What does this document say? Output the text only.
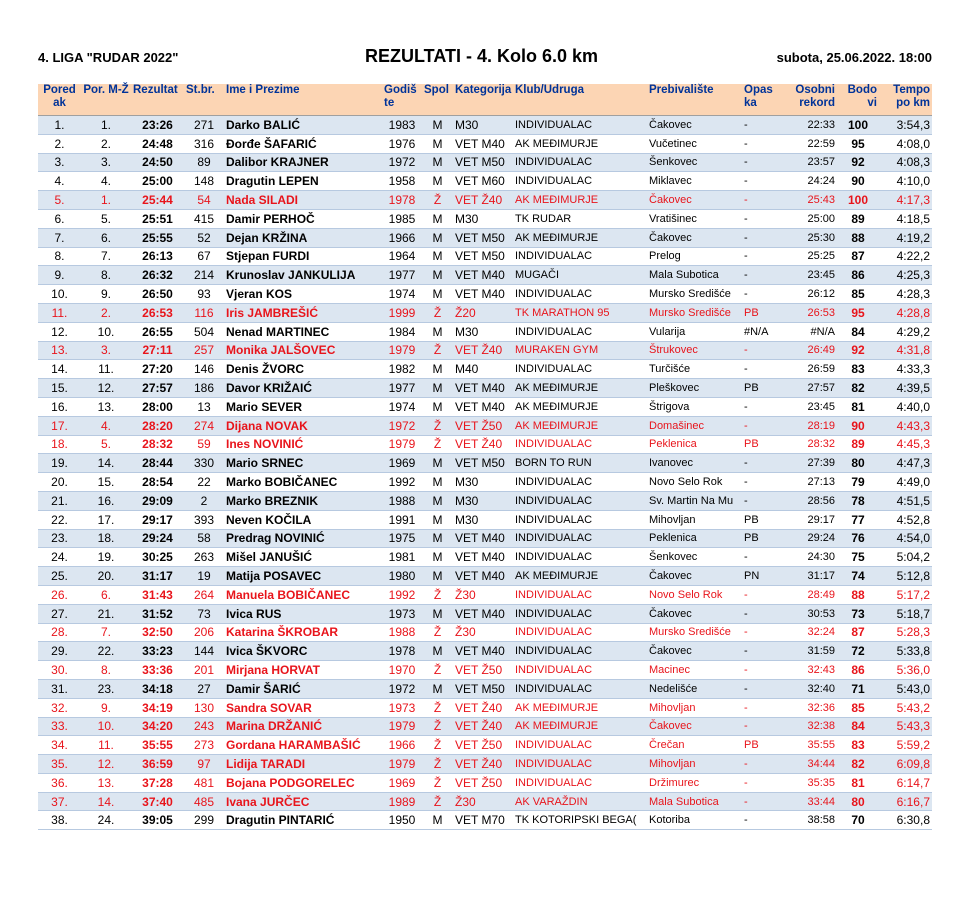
4. LIGA "RUDAR 2022"	REZULTATI - 4. Kolo 6.0 km	subota, 25.06.2022. 18:00
Pored ak	Por. M-Ž	Rezultat	St.br.	Ime i Prezime	Godiš te	Spol	Kategorija	Klub/Udruga	Prebivalište	Opas ka	Osobni rekord	Bodo vi	Tempo po km
1.	1.	23:26	271	Darko BALIĆ	1983	M	M30	INDIVIDUALAC	Čakovec	-	22:33	100	3:54,3
2.	2.	24:48	316	Đorđe ŠAFARIĆ	1976	M	VET M40	AK MEĐIMURJE	Vučetinec	-	22:59	95	4:08,0
3.	3.	24:50	89	Dalibor KRAJNER	1972	M	VET M50	INDIVIDUALAC	Šenkovec	-	23:57	92	4:08,3
4.	4.	25:00	148	Dragutin LEPEN	1958	M	VET M60	INDIVIDUALAC	Miklavec	-	24:24	90	4:10,0
5.	1.	25:44	54	Nada SILADI	1978	Ž	VET Ž40	AK MEĐIMURJE	Čakovec	-	25:43	100	4:17,3
6.	5.	25:51	415	Damir PERHOČ	1985	M	M30	TK RUDAR	Vratišinec	-	25:00	89	4:18,5
7.	6.	25:55	52	Dejan KRŽINA	1966	M	VET M50	AK MEĐIMURJE	Čakovec	-	25:30	88	4:19,2
8.	7.	26:13	67	Stjepan FURDI	1964	M	VET M50	INDIVIDUALAC	Prelog	-	25:25	87	4:22,2
9.	8.	26:32	214	Krunoslav JANKULIJA	1977	M	VET M40	MUGAČI	Mala Subotica	-	23:45	86	4:25,3
10.	9.	26:50	93	Vjeran KOS	1974	M	VET M40	INDIVIDUALAC	Mursko Središće	-	26:12	85	4:28,3
11.	2.	26:53	116	Iris JAMBREŠIĆ	1999	Ž	Ž20	TK MARATHON 95	Mursko Središće	PB	26:53	95	4:28,8
12.	10.	26:55	504	Nenad MARTINEC	1984	M	M30	INDIVIDUALAC	Vularija	#N/A	#N/A	84	4:29,2
13.	3.	27:11	257	Monika JALŠOVEC	1979	Ž	VET Ž40	MURAKEN GYM	Štrukovec	-	26:49	92	4:31,8
14.	11.	27:20	146	Denis ŽVORC	1982	M	M40	INDIVIDUALAC	Turčišće	-	26:59	83	4:33,3
15.	12.	27:57	186	Davor KRIŽAIĆ	1977	M	VET M40	AK MEĐIMURJE	Pleškovec	PB	27:57	82	4:39,5
16.	13.	28:00	13	Mario SEVER	1974	M	VET M40	AK MEĐIMURJE	Štrigova	-	23:45	81	4:40,0
17.	4.	28:20	274	Dijana NOVAK	1972	Ž	VET Ž50	AK MEĐIMURJE	Domašinec	-	28:19	90	4:43,3
18.	5.	28:32	59	Ines NOVINIĆ	1979	Ž	VET Ž40	INDIVIDUALAC	Peklenica	PB	28:32	89	4:45,3
19.	14.	28:44	330	Mario SRNEC	1969	M	VET M50	BORN TO RUN	Ivanovec	-	27:39	80	4:47,3
20.	15.	28:54	22	Marko BOBIČANEC	1992	M	M30	INDIVIDUALAC	Novo Selo Rok	-	27:13	79	4:49,0
21.	16.	29:09	2	Marko BREZNIK	1988	M	M30	INDIVIDUALAC	Sv. Martin Na Mu	-	28:56	78	4:51,5
22.	17.	29:17	393	Neven KOČILA	1991	M	M30	INDIVIDUALAC	Mihovljan	PB	29:17	77	4:52,8
23.	18.	29:24	58	Predrag NOVINIĆ	1975	M	VET M40	INDIVIDUALAC	Peklenica	PB	29:24	76	4:54,0
24.	19.	30:25	263	Mišel JANUŠIĆ	1981	M	VET M40	INDIVIDUALAC	Šenkovec	-	24:30	75	5:04,2
25.	20.	31:17	19	Matija POSAVEC	1980	M	VET M40	AK MEĐIMURJE	Čakovec	PN	31:17	74	5:12,8
26.	6.	31:43	264	Manuela BOBIČANEC	1992	Ž	Ž30	INDIVIDUALAC	Novo Selo Rok	-	28:49	88	5:17,2
27.	21.	31:52	73	Ivica RUS	1973	M	VET M40	INDIVIDUALAC	Čakovec	-	30:53	73	5:18,7
28.	7.	32:50	206	Katarina ŠKROBAR	1988	Ž	Ž30	INDIVIDUALAC	Mursko Središće	-	32:24	87	5:28,3
29.	22.	33:23	144	Ivica ŠKVORC	1978	M	VET M40	INDIVIDUALAC	Čakovec	-	31:59	72	5:33,8
30.	8.	33:36	201	Mirjana HORVAT	1970	Ž	VET Ž50	INDIVIDUALAC	Macinec	-	32:43	86	5:36,0
31.	23.	34:18	27	Damir ŠARIĆ	1972	M	VET M50	INDIVIDUALAC	Nedelišće	-	32:40	71	5:43,0
32.	9.	34:19	130	Sandra SOVAR	1973	Ž	VET Ž40	AK MEĐIMURJE	Mihovljan	-	32:36	85	5:43,2
33.	10.	34:20	243	Marina DRŽANIĆ	1979	Ž	VET Ž40	AK MEĐIMURJE	Čakovec	-	32:38	84	5:43,3
34.	11.	35:55	273	Gordana HARAMBAŠIĆ	1966	Ž	VET Ž50	INDIVIDUALAC	Črečan	PB	35:55	83	5:59,2
35.	12.	36:59	97	Lidija TARADI	1979	Ž	VET Ž40	INDIVIDUALAC	Mihovljan	-	34:44	82	6:09,8
36.	13.	37:28	481	Bojana PODGORELEC	1969	Ž	VET Ž50	INDIVIDUALAC	Držimurec	-	35:35	81	6:14,7
37.	14.	37:40	485	Ivana JURČEC	1989	Ž	Ž30	AK VARAŽDIN	Mala Subotica	-	33:44	80	6:16,7
38.	24.	39:05	299	Dragutin PINTARIĆ	1950	M	VET M70	TK KOTORIPSKI BEGA(	Kotoriba	-	38:58	70	6:30,8
